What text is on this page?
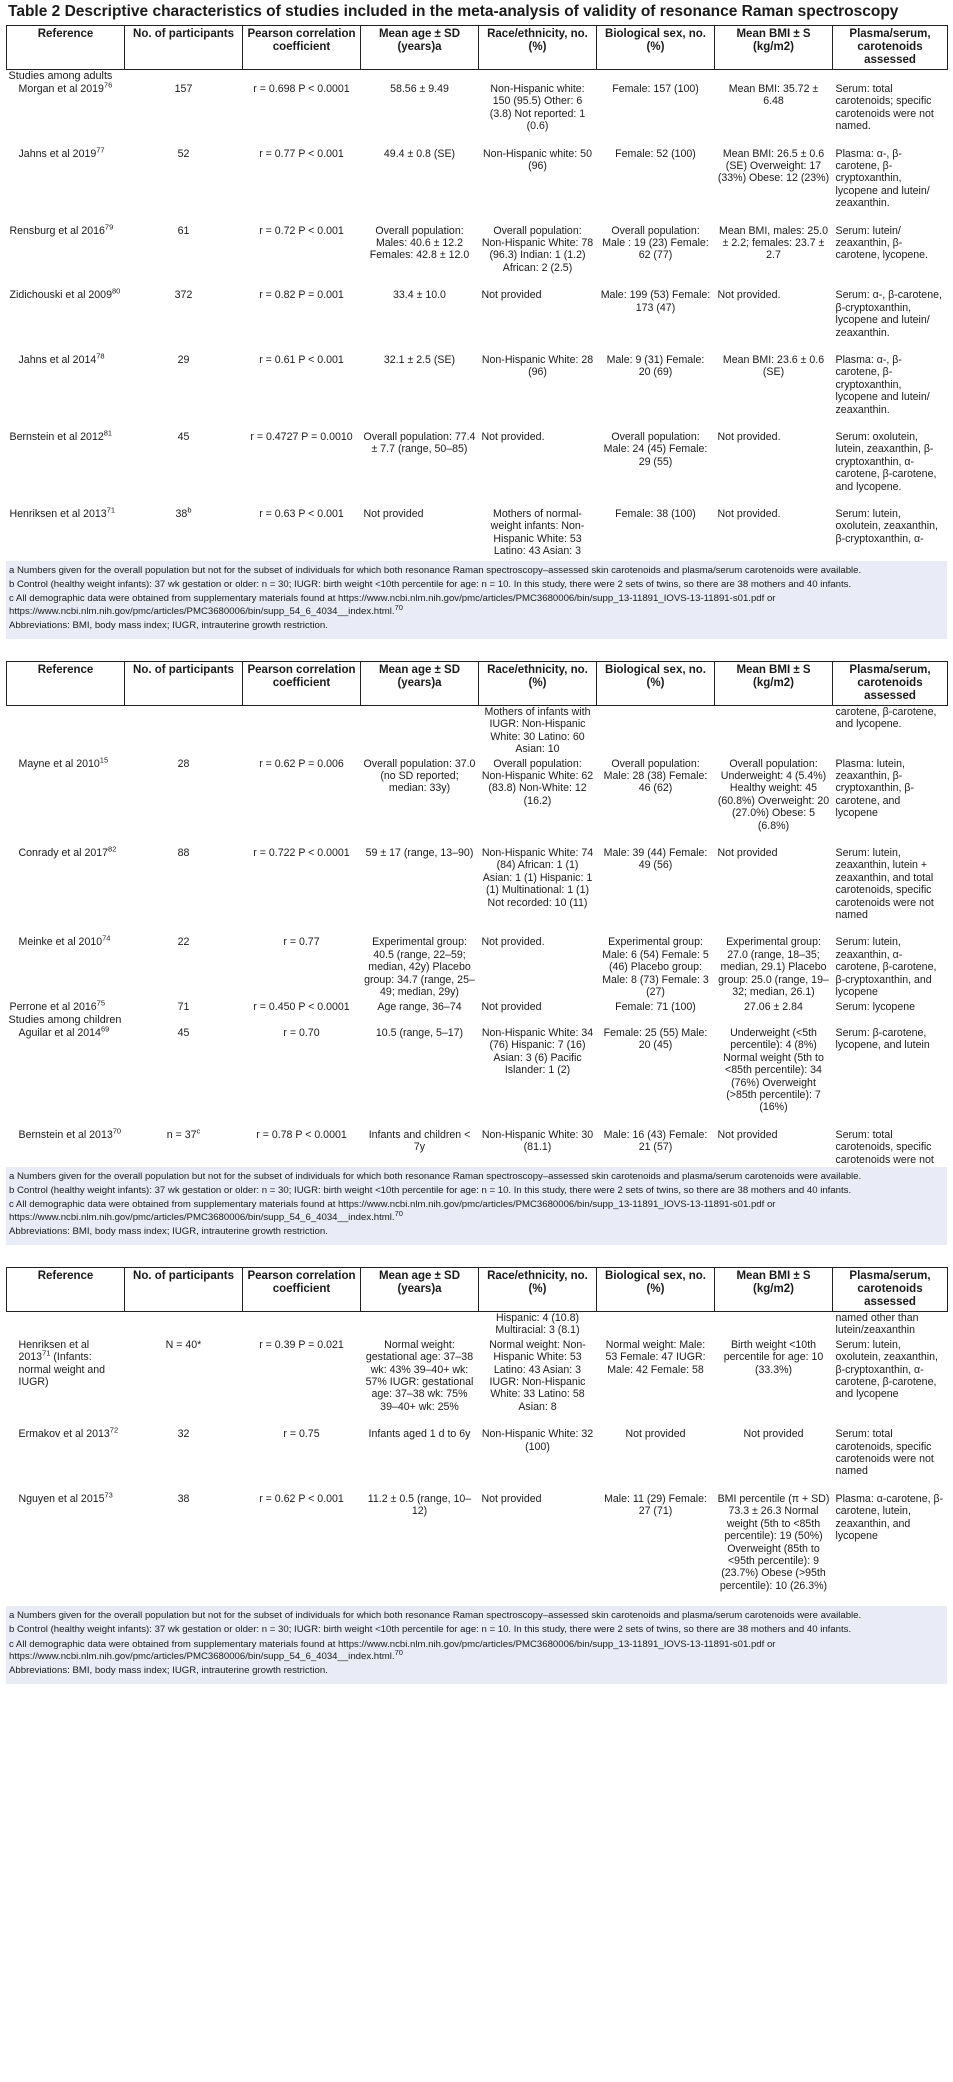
Table 2 Descriptive characteristics of studies included in the meta-analysis of validity of resonance Raman spectroscopy
Reference	No. of participants	Pearson correlation coefficient	Mean age ± SD (years)a	Race/ethnicity, no. (%)	Biological sex, no. (%)	Mean BMI ± S (kg/m2)	Plasma/serum, carotenoids assessed
Studies among adults							
Morgan et al 2019$^{76}$	157	r = 0.698 P < 0.0001	58.56 ± 9.49	Non-Hispanic white: 150 (95.5) Other: 6 (3.8) Not reported: 1 (0.6)	Female: 157 (100)	Mean BMI: 35.72 ± 6.48	Serum: total carotenoids; specific carotenoids were not named.
Jahns et al 2019$^{77}$	52	r = 0.77 P < 0.001	49.4 ± 0.8 (SE)	Non-Hispanic white: 50 (96)	Female: 52 (100)	Mean BMI: 26.5 ± 0.6 (SE) Overweight: 17 (33%) Obese: 12 (23%)	Plasma: α-, β-carotene, β-cryptoxanthin, lycopene and lutein/ zeaxanthin.
Rensburg et al 2016$^{79}$	61	r = 0.72 P < 0.001	Overall population: Males: 40.6 ± 12.2 Females: 42.8 ± 12.0	Overall population: Non-Hispanic White: 78 (96.3) Indian: 1 (1.2) African: 2 (2.5)	Overall population: Male : 19 (23) Female: 62 (77)	Mean BMI, males: 25.0 ± 2.2; females: 23.7 ± 2.7	Serum: lutein/ zeaxanthin, β-carotene, lycopene.
Zidichouski et al 2009$^{80}$	372	r = 0.82 P = 0.001	33.4 ± 10.0	Not provided	Male: 199 (53) Female: 173 (47)	Not provided.	Serum: α-, β-carotene, β-cryptoxanthin, lycopene and lutein/ zeaxanthin.
Jahns et al 2014$^{78}$	29	r = 0.61 P < 0.001	32.1 ± 2.5 (SE)	Non-Hispanic White: 28 (96)	Male: 9 (31) Female: 20 (69)	Mean BMI: 23.6 ± 0.6 (SE)	Plasma: α-, β-carotene, β-cryptoxanthin, lycopene and lutein/ zeaxanthin.
Bernstein et al 2012$^{81}$	45	r = 0.4727 P = 0.0010	Overall population: 77.4 ± 7.7 (range, 50–85)	Not provided.	Overall population: Male: 24 (45) Female: 29 (55)	Not provided.	Serum: oxolutein, lutein, zeaxanthin, β-cryptoxanthin, α-carotene, β-carotene, and lycopene.
Henriksen et al 2013$^{71}$	38$^b$	r = 0.63 P < 0.001	Not provided	Mothers of normal-weight infants: Non-Hispanic White: 53 Latino: 43 Asian: 3	Female: 38 (100)	Not provided.	Serum: lutein, oxolutein, zeaxanthin, β-cryptoxanthin, α-

a Numbers given for the overall population but not for the subset of individuals for which both resonance Raman spectroscopy–assessed skin carotenoids and plasma/serum carotenoids were available.

b Control (healthy weight infants): 37 wk gestation or older: n = 30; IUGR: birth weight <10th percentile for age: n = 10. In this study, there were 2 sets of twins, so there are 38 mothers and 40 infants.

c All demographic data were obtained from supplementary materials found at https://www.ncbi.nlm.nih.gov/pmc/articles/PMC3680006/bin/supp_13-11891_IOVS-13-11891-s01.pdf or https://www.ncbi.nlm.nih.gov/pmc/articles/PMC3680006/bin/supp_54_6_4034__index.html.$^{70}$

Abbreviations: BMI, body mass index; IUGR, intrauterine growth restriction.

Reference	No. of participants	Pearson correlation coefficient	Mean age ± SD (years)a	Race/ethnicity, no. (%)	Biological sex, no. (%)	Mean BMI ± S (kg/m2)	Plasma/serum, carotenoids assessed
				Mothers of infants with IUGR: Non-Hispanic White: 30 Latino: 60 Asian: 10			carotene, β-carotene, and lycopene.
Mayne et al 2010$^{15}$	28	r = 0.62 P = 0.006	Overall population: 37.0 (no SD reported; median: 33y)	Overall population: Non-Hispanic White: 62 (83.8) Non-White: 12 (16.2)	Overall population: Male: 28 (38) Female: 46 (62)	Overall population: Underweight: 4 (5.4%) Healthy weight: 45 (60.8%) Overweight: 20 (27.0%) Obese: 5 (6.8%)	Plasma: lutein, zeaxanthin, β-cryptoxanthin, β-carotene, and lycopene
Conrady et al 2017$^{82}$	88	r = 0.722 P < 0.0001	59 ± 17 (range, 13–90)	Non-Hispanic White: 74 (84) African: 1 (1) Asian: 1 (1) Hispanic: 1 (1) Multinational: 1 (1) Not recorded: 10 (11)	Male: 39 (44) Female: 49 (56)	Not provided	Serum: lutein, zeaxanthin, lutein + zeaxanthin, and total carotenoids, specific carotenoids were not named
Meinke et al 2010$^{74}$	22	r = 0.77	Experimental group: 40.5 (range, 22–59; median, 42y) Placebo group: 34.7 (range, 25–49; median, 29y)	Not provided.	Experimental group: Male: 6 (54) Female: 5 (46) Placebo group: Male: 8 (73) Female: 3 (27)	Experimental group: 27.0 (range, 18–35; median, 29.1) Placebo group: 25.0 (range, 19–32; median, 26.1)	Serum: lutein, zeaxanthin, α-carotene, β-carotene, β-cryptoxanthin, and lycopene
Perrone et al 2016$^{75}$	71	r = 0.450 P < 0.0001	Age range, 36–74	Not provided	Female: 71 (100)	27.06 ± 2.84	Serum: lycopene
Studies among children							
Aguilar et al 2014$^{69}$	45	r = 0.70	10.5 (range, 5–17)	Non-Hispanic White: 34 (76) Hispanic: 7 (16) Asian: 3 (6) Pacific Islander: 1 (2)	Female: 25 (55) Male: 20 (45)	Underweight (<5th percentile): 4 (8%) Normal weight (5th to <85th percentile): 34 (76%) Overweight (>85th percentile): 7 (16%)	Serum: β-carotene, lycopene, and lutein
Bernstein et al 2013$^{70}$	$n = 37^c$	r = 0.78 P < 0.0001	Infants and children < 7y	Non-Hispanic White: 30 (81.1)	Male: 16 (43) Female: 21 (57)	Not provided	Serum: total carotenoids, specific carotenoids were not

a Numbers given for the overall population but not for the subset of individuals for which both resonance Raman spectroscopy–assessed skin carotenoids and plasma/serum carotenoids were available.

b Control (healthy weight infants): 37 wk gestation or older: n = 30; IUGR: birth weight <10th percentile for age: n = 10. In this study, there were 2 sets of twins, so there are 38 mothers and 40 infants.

c All demographic data were obtained from supplementary materials found at https://www.ncbi.nlm.nih.gov/pmc/articles/PMC3680006/bin/supp_13-11891_IOVS-13-11891-s01.pdf or https://www.ncbi.nlm.nih.gov/pmc/articles/PMC3680006/bin/supp_54_6_4034__index.html.$^{70}$

Abbreviations: BMI, body mass index; IUGR, intrauterine growth restriction.

Reference	No. of participants	Pearson correlation coefficient	Mean age ± SD (years)a	Race/ethnicity, no. (%)	Biological sex, no. (%)	Mean BMI ± S (kg/m2)	Plasma/serum, carotenoids assessed
				Hispanic: 4 (10.8) Multiracial: 3 (8.1)			named other than lutein/zeaxanthin
Henriksen et al 2013$^{71}$ (Infants: normal weight and IUGR)	N = 40*	r = 0.39 P = 0.021	Normal weight: gestational age: 37–38 wk: 43% 39–40+ wk: 57% IUGR: gestational age: 37–38 wk: 75% 39–40+ wk: 25%	Normal weight: Non-Hispanic White: 53 Latino: 43 Asian: 3 IUGR: Non-Hispanic White: 33 Latino: 58 Asian: 8	Normal weight: Male: 53 Female: 47 IUGR: Male: 42 Female: 58	Birth weight <10th percentile for age: 10 (33.3%)	Serum: lutein, oxolutein, zeaxanthin, β-cryptoxanthin, α-carotene, β-carotene, and lycopene
Ermakov et al 2013$^{72}$	32	r = 0.75	Infants aged 1 d to 6y	Non-Hispanic White: 32 (100)	Not provided	Not provided	Serum: total carotenoids, specific carotenoids were not named
Nguyen et al 2015$^{73}$	38	r = 0.62 P < 0.001	11.2 ± 0.5 (range, 10–12)	Not provided	Male: 11 (29) Female: 27 (71)	BMI percentile (π + SD) 73.3 ± 26.3 Normal weight (5th to <85th percentile): 19 (50%) Overweight (85th to <95th percentile): 9 (23.7%) Obese (>95th percentile): 10 (26.3%)	Plasma: α-carotene, β-carotene, lutein, zeaxanthin, and lycopene

a Numbers given for the overall population but not for the subset of individuals for which both resonance Raman spectroscopy–assessed skin carotenoids and plasma/serum carotenoids were available.

b Control (healthy weight infants): 37 wk gestation or older: n = 30; IUGR: birth weight <10th percentile for age: n = 10. In this study, there were 2 sets of twins, so there are 38 mothers and 40 infants.

c All demographic data were obtained from supplementary materials found at https://www.ncbi.nlm.nih.gov/pmc/articles/PMC3680006/bin/supp_13-11891_IOVS-13-11891-s01.pdf or https://www.ncbi.nlm.nih.gov/pmc/articles/PMC3680006/bin/supp_54_6_4034__index.html.$^{70}$

Abbreviations: BMI, body mass index; IUGR, intrauterine growth restriction.
